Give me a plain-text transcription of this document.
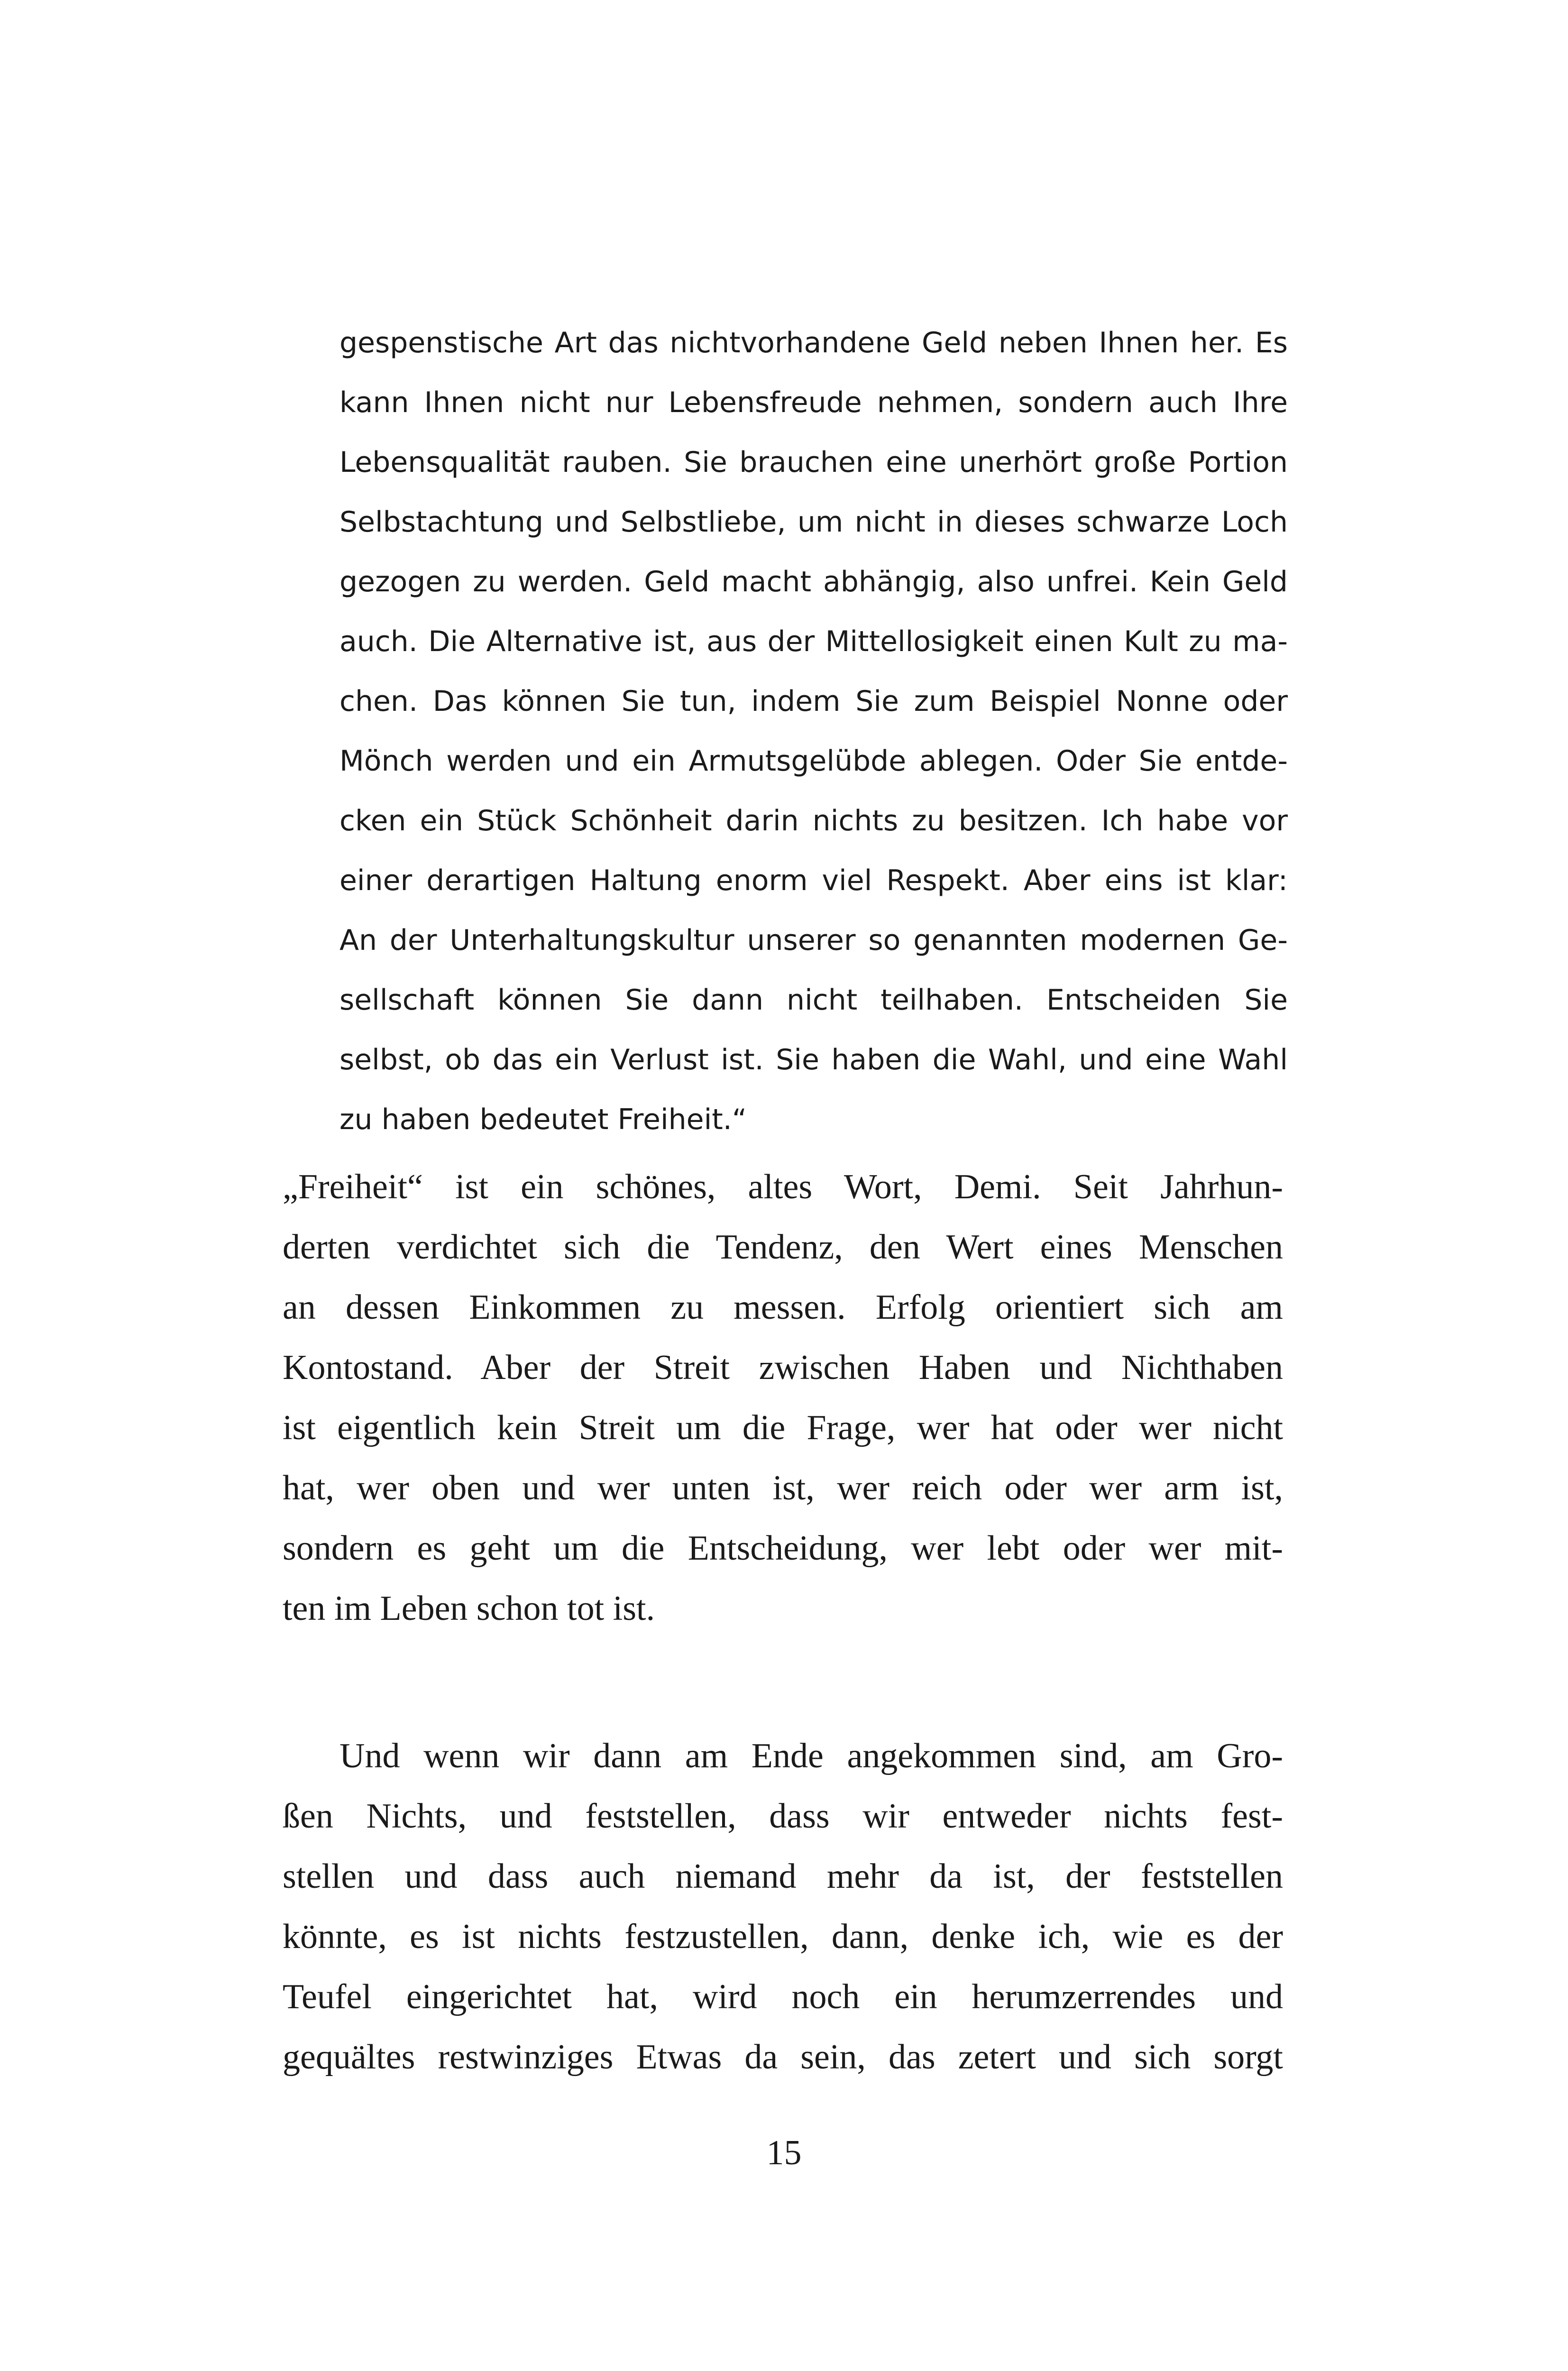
gespenstische Art das nichtvorhandene Geld neben Ihnen her. Es
kann Ihnen nicht nur Lebensfreude nehmen, sondern auch Ihre
Lebensqualität rauben. Sie brauchen eine unerhört große Portion
Selbstachtung und Selbstliebe, um nicht in dieses schwarze Loch
gezogen zu werden. Geld macht abhängig, also unfrei. Kein Geld
auch. Die Alternative ist, aus der Mittellosigkeit einen Kult zu ma-
chen. Das können Sie tun, indem Sie zum Beispiel Nonne oder
Mönch werden und ein Armutsgelübde ablegen. Oder Sie entde-
cken ein Stück Schönheit darin nichts zu besitzen. Ich habe vor
einer derartigen Haltung enorm viel Respekt. Aber eins ist klar:
An der Unterhaltungskultur unserer so genannten modernen Ge-
sellschaft können Sie dann nicht teilhaben. Entscheiden Sie
selbst, ob das ein Verlust ist. Sie haben die Wahl, und eine Wahl
zu haben bedeutet Freiheit.“
„Freiheit“ ist ein schönes, altes Wort, Demi. Seit Jahrhun-
derten verdichtet sich die Tendenz, den Wert eines Menschen
an dessen Einkommen zu messen. Erfolg orientiert sich am
Kontostand. Aber der Streit zwischen Haben und Nichthaben
ist eigentlich kein Streit um die Frage, wer hat oder wer nicht
hat, wer oben und wer unten ist, wer reich oder wer arm ist,
sondern es geht um die Entscheidung, wer lebt oder wer mit-
ten im Leben schon tot ist.
Und wenn wir dann am Ende angekommen sind, am Gro-
ßen Nichts, und feststellen, dass wir entweder nichts fest-
stellen und dass auch niemand mehr da ist, der feststellen
könnte, es ist nichts festzustellen, dann, denke ich, wie es der
Teufel eingerichtet hat, wird noch ein herumzerrendes und
gequältes restwinziges Etwas da sein, das zetert und sich sorgt
15
